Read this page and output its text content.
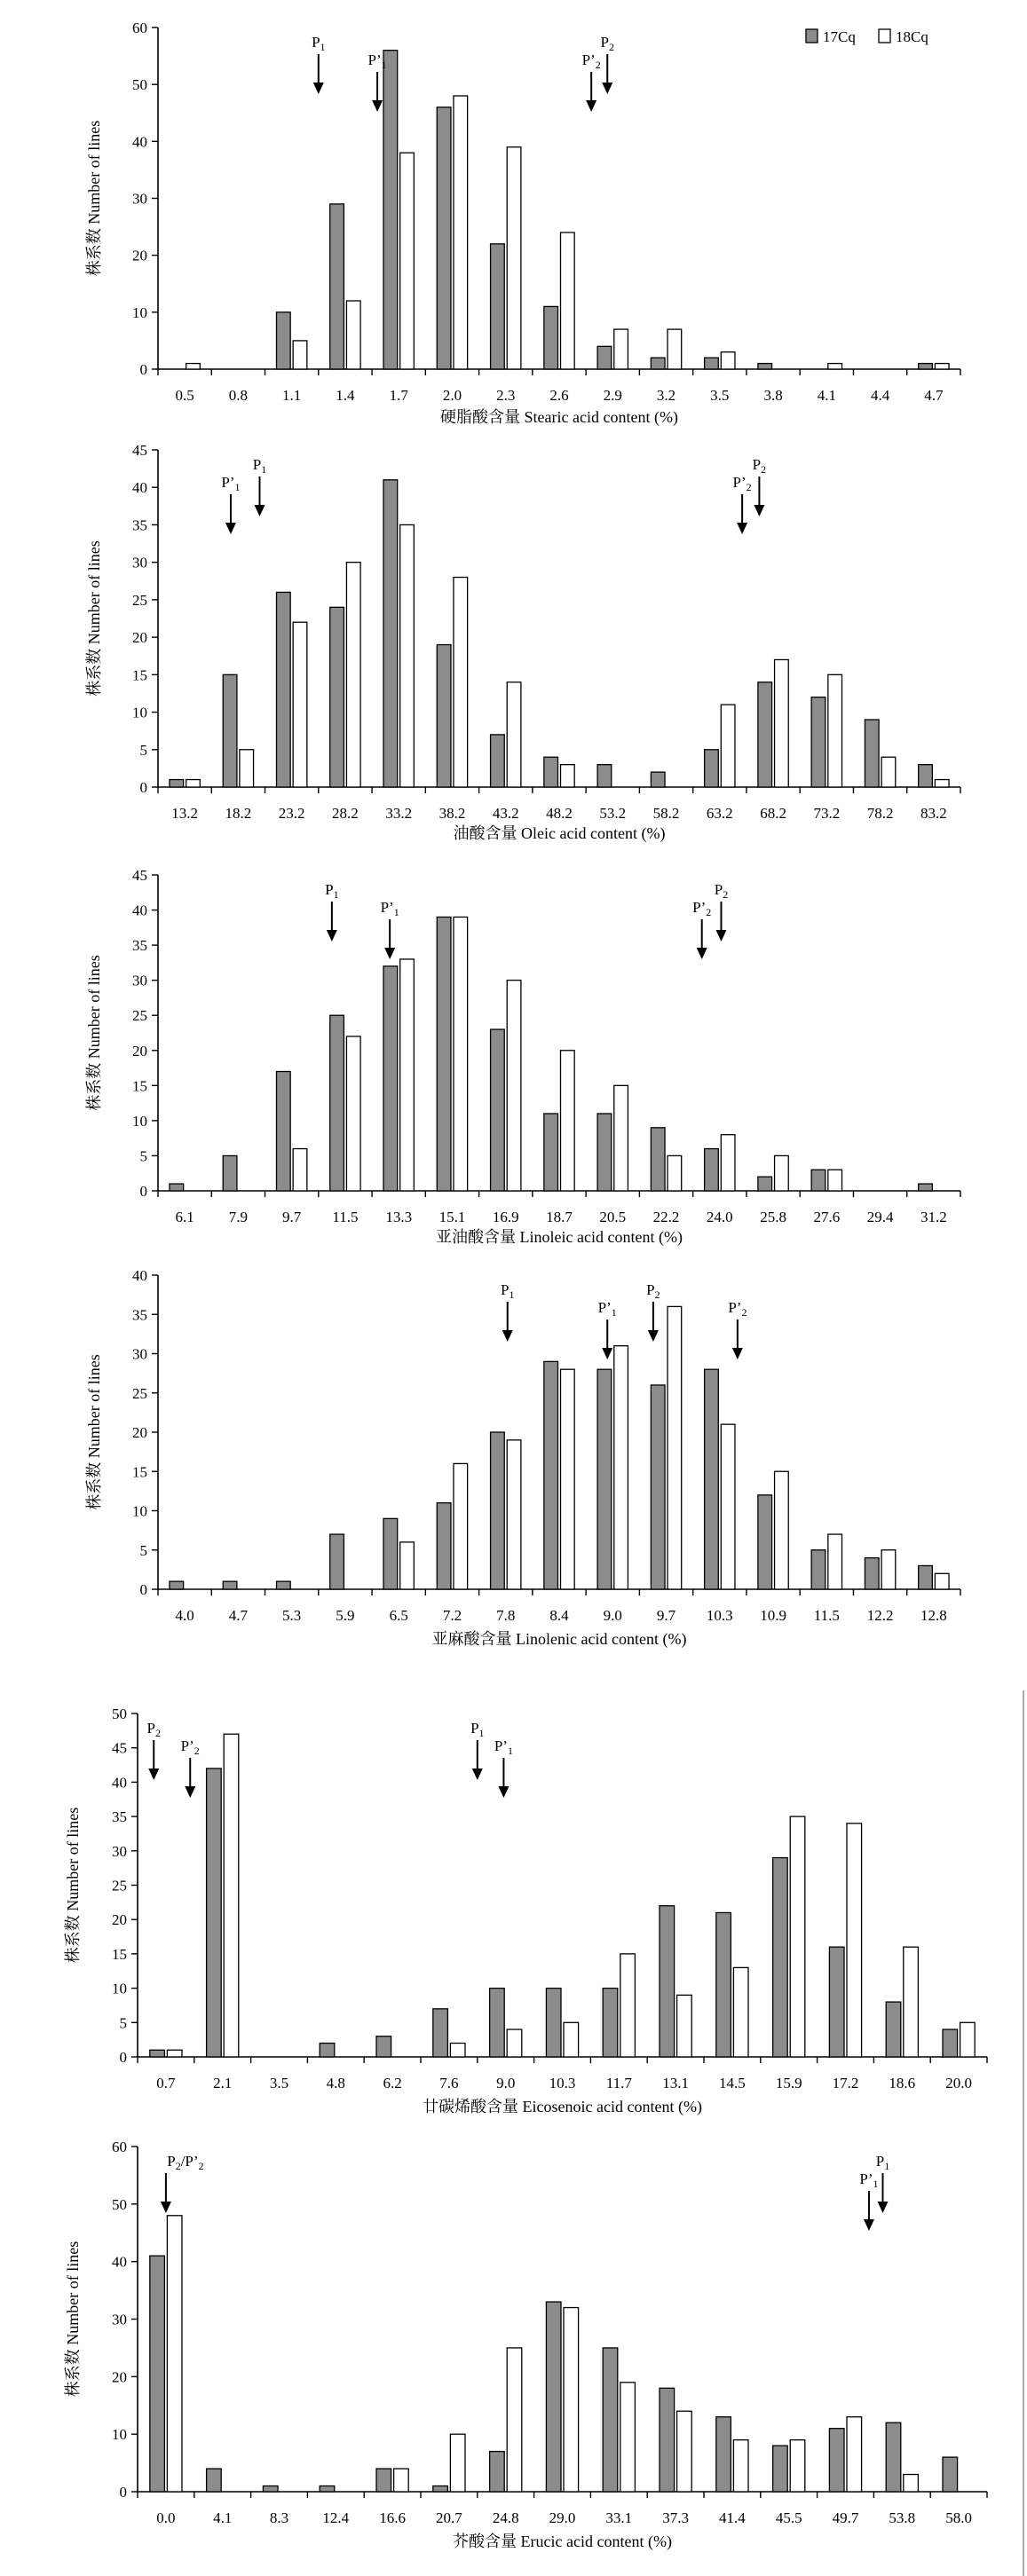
0
10
20
30
40
50
60
0.5 0.8 1.1 1.4 1.7 2.0 2.3 2.6 2.9 3.2 3.5 3.8 4.1 4.4 4.7
株系数 Number of lines
硬脂酸含量 Stearic acid content (%)
$P_1$
$P’_1$	$P’_2$
$P_2$
17Cq	18Cq
0
5
10
15
20
25
30
35
40
45
13.2 18.2 23.2 28.2 33.2 38.2 43.2 48.2 53.2 58.2 63.2 68.2 73.2 78.2 83.2
株系数 Number of lines
油酸含量 Oleic acid content (%)
$P’_1$
$P_1$
$P’_2$
$P_2$
0
5
10
15
20
25
30
35
40
45
6.1 7.9 9.7 11.5 13.3 15.1 16.9 18.7 20.5 22.2 24.0 25.8 27.6 29.4 31.2
株系数 Number of lines
亚油酸含量 Linoleic acid content (%)
$P_1$
$P’_1$	$P’_2$
$P_2$
0
5
10
15
20
25
30
35
40
4.0 4.7 5.3 5.9 6.5 7.2 7.8 8.4 9.0 9.7 10.3 10.9 11.5 12.2 12.8
株系数 Number of lines
亚麻酸含量 Linolenic acid content (%)
$P_1$
$P’_1$
$P_2$
$P’_2$
0
5
10
15
20
25
30
35
40
45
50
0.7	2.1	3.5	4.8	6.2	7.6	9.0 10.3 11.7 13.1 14.5 15.9 17.2 18.6 20.0
株系数 Number of lines
廿碳烯酸含量 Eicosenoic acid content (%)
$P_2$
$P’_2$
$P_1$
$P’_1$
0
10
20
30
40
50
60
0.0	4.1	8.3 12.4 16.6 20.7 24.8 29.0 33.1 37.3 41.4 45.5 49.7 53.8 58.0
株系数 Number of lines
芥酸含量 Erucic acid content (%)
$P_2/P’_2$
$P’_1$
$P_1$
